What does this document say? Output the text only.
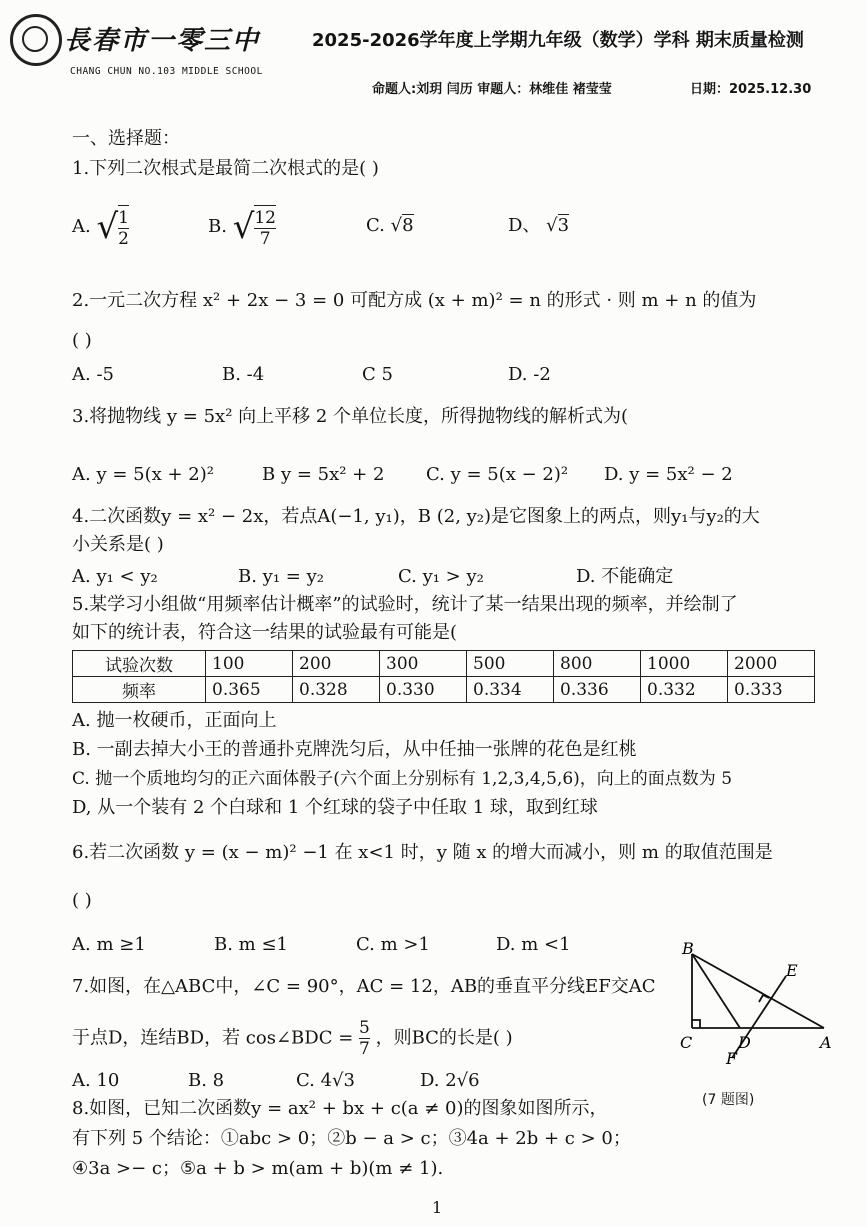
長春市一零三中
CHANG CHUN NO.103 MIDDLE SCHOOL
2025-2026学年度上学期九年级（数学）学科 期末质量检测
命题人:刘玥 闫历 审题人：林维佳 褚莹莹	日期：2025.12.30
一、选择题：
1.下列二次根式是最简二次根式的是( )
A. √ $\frac{1}{2}$	B. √ $\frac{12}{7}$	C. √8	D、 √3
2.一元二次方程 x² + 2x − 3 = 0 可配方成 (x + m)² = n 的形式 · 则 m + n 的值为
( )
A. -5	B. -4	C 5	D. -2
3.将抛物线 y = 5x² 向上平移 2 个单位长度，所得抛物线的解析式为(
A. y = 5(x + 2)²	B y = 5x² + 2 C. y = 5(x − 2)² D. y = 5x² − 2
4.二次函数y = x² − 2x，若点A(−1, y₁)，B (2, y₂)是它图象上的两点，则y₁与y₂的大
小关系是( )
A. y₁ < y₂	B. y₁ = y₂	C. y₁ > y₂	D. 不能确定
5.某学习小组做“用频率估计概率”的试验时，统计了某一结果出现的频率，并绘制了
如下的统计表，符合这一结果的试验最有可能是(
试验次数	100	200	300	500	800	1000	2000
频率	0.365	0.328	0.330	0.334	0.336	0.332	0.333
A. 抛一枚硬币，正面向上
B. 一副去掉大小王的普通扑克牌洗匀后，从中任抽一张牌的花色是红桃
C. 抛一个质地均匀的正六面体骰子(六个面上分别标有 1,2,3,4,5,6)，向上的面点数为 5
D, 从一个装有 2 个白球和 1 个红球的袋子中任取 1 球，取到红球
6.若二次函数 y = (x − m)² −1 在 x<1 时，y 随 x 的增大而减小，则 m 的取值范围是
( )
A. m ≥1	B. m ≤1	C. m >1	D. m <1
7.如图，在△ABC中，∠C = 90°，AC = 12，AB的垂直平分线EF交AC
于点D，连结BD，若 cos∠BDC = $\frac{5}{7}$ ，则BC的长是( )
A. 10	B. 8	C. 4√3	D. 2√6
B
E
C	D	A
F
(7 题图)
8.如图，已知二次函数y = ax² + bx + c(a ≠ 0)的图象如图所示，
有下列 5 个结论：①abc > 0；②b − a > c；③4a + 2b + c > 0；
④3a >− c；⑤a + b > m(am + b)(m ≠ 1).
1
